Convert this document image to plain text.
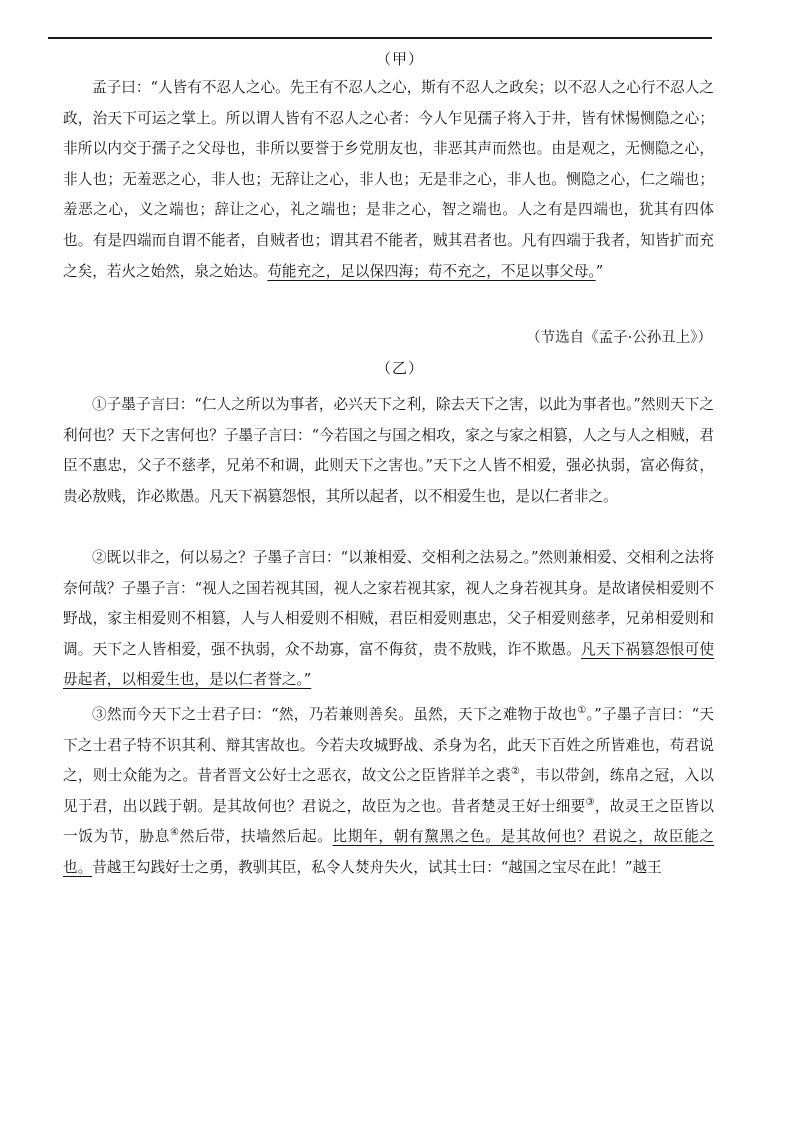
（甲）

孟子曰：“人皆有不忍人之心。先王有不忍人之心，斯有不忍人之政矣；以不忍人之心行不忍人之政，治天下可运之掌上。所以谓人皆有不忍人之心者：今人乍见孺子将入于井，皆有怵惕恻隐之心；非所以内交于孺子之父母也，非所以要誉于乡党朋友也，非恶其声而然也。由是观之，无恻隐之心，非人也；无羞恶之心，非人也；无辞让之心，非人也；无是非之心，非人也。恻隐之心，仁之端也；羞恶之心，义之端也；辞让之心，礼之端也；是非之心，智之端也。人之有是四端也，犹其有四体也。有是四端而自谓不能者，自贼者也；谓其君不能者，贼其君者也。凡有四端于我者，知皆扩而充之矣，若火之始然，泉之始达。苟能充之，足以保四海；苟不充之，不足以事父母。”

（节选自《孟子·公孙丑上》）
（乙）

①子墨子言曰：“仁人之所以为事者，必兴天下之利，除去天下之害，以此为事者也。”然则天下之利何也？天下之害何也？子墨子言曰：“今若国之与国之相攻，家之与家之相篡，人之与人之相贼，君臣不惠忠，父子不慈孝，兄弟不和调，此则天下之害也。”天下之人皆不相爱，强必执弱，富必侮贫，贵必敖贱，诈必欺愚。凡天下祸篡怨恨，其所以起者，以不相爱生也，是以仁者非之。

②既以非之，何以易之？子墨子言曰：“以兼相爱、交相利之法易之。”然则兼相爱、交相利之法将奈何哉？子墨子言：“视人之国若视其国，视人之家若视其家，视人之身若视其身。是故诸侯相爱则不野战，家主相爱则不相篡，人与人相爱则不相贼，君臣相爱则惠忠，父子相爱则慈孝，兄弟相爱则和调。天下之人皆相爱，强不执弱，众不劫寡，富不侮贫，贵不敖贱，诈不欺愚。凡天下祸篡怨恨可使毋起者，以相爱生也，是以仁者誉之。”

③然而今天下之士君子曰：“然，乃若兼则善矣。虽然，天下之难物于故也①。”子墨子言曰：“天下之士君子特不识其利、辩其害故也。今若夫攻城野战、杀身为名，此天下百姓之所皆难也，苟君说之，则士众能为之。昔者晋文公好士之恶衣，故文公之臣皆牂羊之裘②，韦以带剑，练帛之冠，入以见于君，出以践于朝。是其故何也？君说之，故臣为之也。昔者楚灵王好士细要③，故灵王之臣皆以一饭为节，胁息④然后带，扶墙然后起。比期年，朝有黧黑之色。是其故何也？君说之，故臣能之也。昔越王勾践好士之勇，教驯其臣，私令人焚舟失火，试其士曰：“越国之宝尽在此！”越王
